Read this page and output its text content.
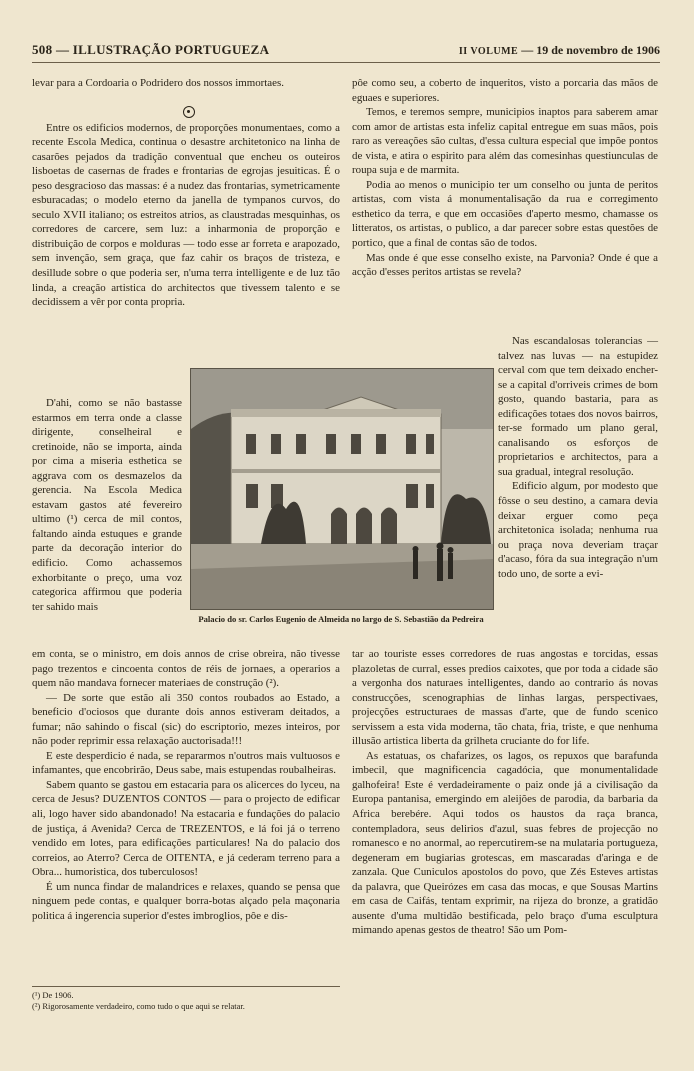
508 — ILLUSTRAÇÃO PORTUGUEZA	II VOLUME — 19 de novembro de 1906

levar para a Cordoaria o Podridero dos nossos immortaes.

Entre os edificios modernos, de proporções monumentaes, como a recente Escola Medica, continua o desastre architetonico na linha de casarões pejados da tradição conventual que encheu os outeiros lisboetas de casernas de frades e frontarias de egrojas jesuiticas. É o peso desgracioso das massas: é a nudez das frontarias, symetricamente esburacadas; o modelo eterno da janella de tympanos curvos, do seculo XVII italiano; os estreitos atrios, as claustradas mesquinhas, os corredores de carcere, sem luz: a inharmonia de proporção e distribuição de corpos e molduras — todo esse ar forreta e arapozado, sem invenção, sem graça, que faz cahir os braços de tristeza, e desillude sobre o que poderia ser, n'uma terra intelligente e de luz tão linda, a creação artistica do architectos que tivessem talento e se decidissem a vêr por conta propria.

D'ahi, como se não bastasse estarmos em terra onde a classe dirigente, conselheiral e cretinoide, não se importa, ainda por cima a miseria esthetica se aggrava com os desmazelos da gerencia. Na Escola Medica estavam gastos até fevereiro ultimo (¹) cerca de mil contos, faltando ainda estuques e grande parte da decoração interior do edificio. Como achassemos exhorbitante o preço, uma voz categorica affirmou que poderia ter sahido mais

pôe como seu, a coberto de inqueritos, visto a porcaria das mãos de eguaes e superiores.

Temos, e teremos sempre, municipios inaptos para saberem amar com amor de artistas esta infeliz capital entregue em suas mãos, pois raro as vereações são cultas, d'essa cultura especial que impõe pontos de vista, e atira o espirito para além das comesinhas questiunculas de roupa suja e de marmita.

Podia ao menos o municipio ter um conselho ou junta de peritos artistas, com vista á monumentalisação da rua e corregimento esthetico da terra, e que em occasiões d'aperto mesmo, chamasse os litteratos, os artistas, o publico, a dar parecer sobre estas questões de portico, que a final de contas são de todos.

Mas onde é que esse conselho existe, na Parvonia? Onde é que a acção d'esses peritos artistas se revela?

Nas escandalosas tolerancias — talvez nas luvas — na estupidez cerval com que tem deixado encher-se a capital d'orriveis crimes de bom gosto, quando bastaria, para as edificações totaes dos novos bairros, ter-se formado um plano geral, canalisando os esforços de proprietarios e architectos, para a sua gradual, integral resolução.

Edificio algum, por modesto que fôsse o seu destino, a camara devia deixar erguer como peça architetonica isolada; nenhuma rua ou praça nova deveriam traçar d'acaso, fóra da sua integração n'um todo uno, de sorte a evi-

Palacio do sr. Carlos Eugenio de Almeida no largo de S. Sebastião da Pedreira

em conta, se o ministro, em dois annos de crise obreira, não tivesse pago trezentos e cincoenta contos de réis de jornaes, a operarios a quem não mandava fornecer materiaes de construção (²).

— De sorte que estão ali 350 contos roubados ao Estado, a beneficio d'ociosos que durante dois annos estiveram deitados, a fumar; não sahindo o fiscal (sic) do escriptorio, mezes inteiros, por não poder reprimir essa relaxação auctorisada!!!

E este desperdicio é nada, se repararmos n'outros mais vultuosos e infamantes, que encobrirão, Deus sabe, mais estupendas roubalheiras.

Sabem quanto se gastou em estacaria para os alicerces do lyceu, na cerca de Jesus? DUZENTOS CONTOS — para o projecto de edificar ali, logo haver sido abandonado! Na estacaria e fundações do palacio de justiça, á Avenida? Cerca de TREZENTOS, e lá foi já o terreno vendido em lotes, para edificações particulares! Na do palacio dos correios, ao Aterro? Cerca de OITENTA, e já cederam terreno para a Obra... humoristica, dos tuberculosos!

É um nunca findar de malandrices e relaxes, quando se pensa que ninguem pede contas, e qualquer borra-botas alçado pela maçonaria politica á ingerencia superior d'estes imbroglios, pôe e dis-

tar ao touriste esses corredores de ruas angostas e torcidas, essas plazoletas de curral, esses predios caixotes, que por toda a cidade são a vergonha dos naturaes intelligentes, dando ao contrario ás novas construcções, scenographias de linhas largas, perspectivaes, projecções estructuraes de massas d'arte, que de fundo scenico servissem a esta vida moderna, tão chata, fria, triste, e que nenhuma illusão artistica liberta da grilheta cruciante do for life.

As estatuas, os chafarizes, os lagos, os repuxos que barafunda imbecil, que magnificencia cagadócia, que monumentalidade galhofeira! Este é verdadeiramente o paiz onde já a civilisação da Europa pantanisa, emergindo em aleijões de parodia, da barbaria da Africa berebére. Aqui todos os haustos da raça branca, contempladora, seus delirios d'azul, suas febres de projecção no romanesco e no anormal, ao repercutirem-se na mulataria portugueza, degeneram em bugiarias grotescas, em mascaradas d'aringa e de zanzala. Que Cuniculos apostolos do povo, que Zés Esteves artistas da palavra, que Queirózes em casa das mocas, e que Sousas Martins em casa de Caifás, tentam exprimir, na rijeza do bronze, a gratidão ausente d'uma multidão bestificada, pelo braço d'uma esculptura mimando apenas gestos de theatro! São um Pom-

(¹) De 1906.
(²) Rigorosamente verdadeiro, como tudo o que aqui se relatar.
